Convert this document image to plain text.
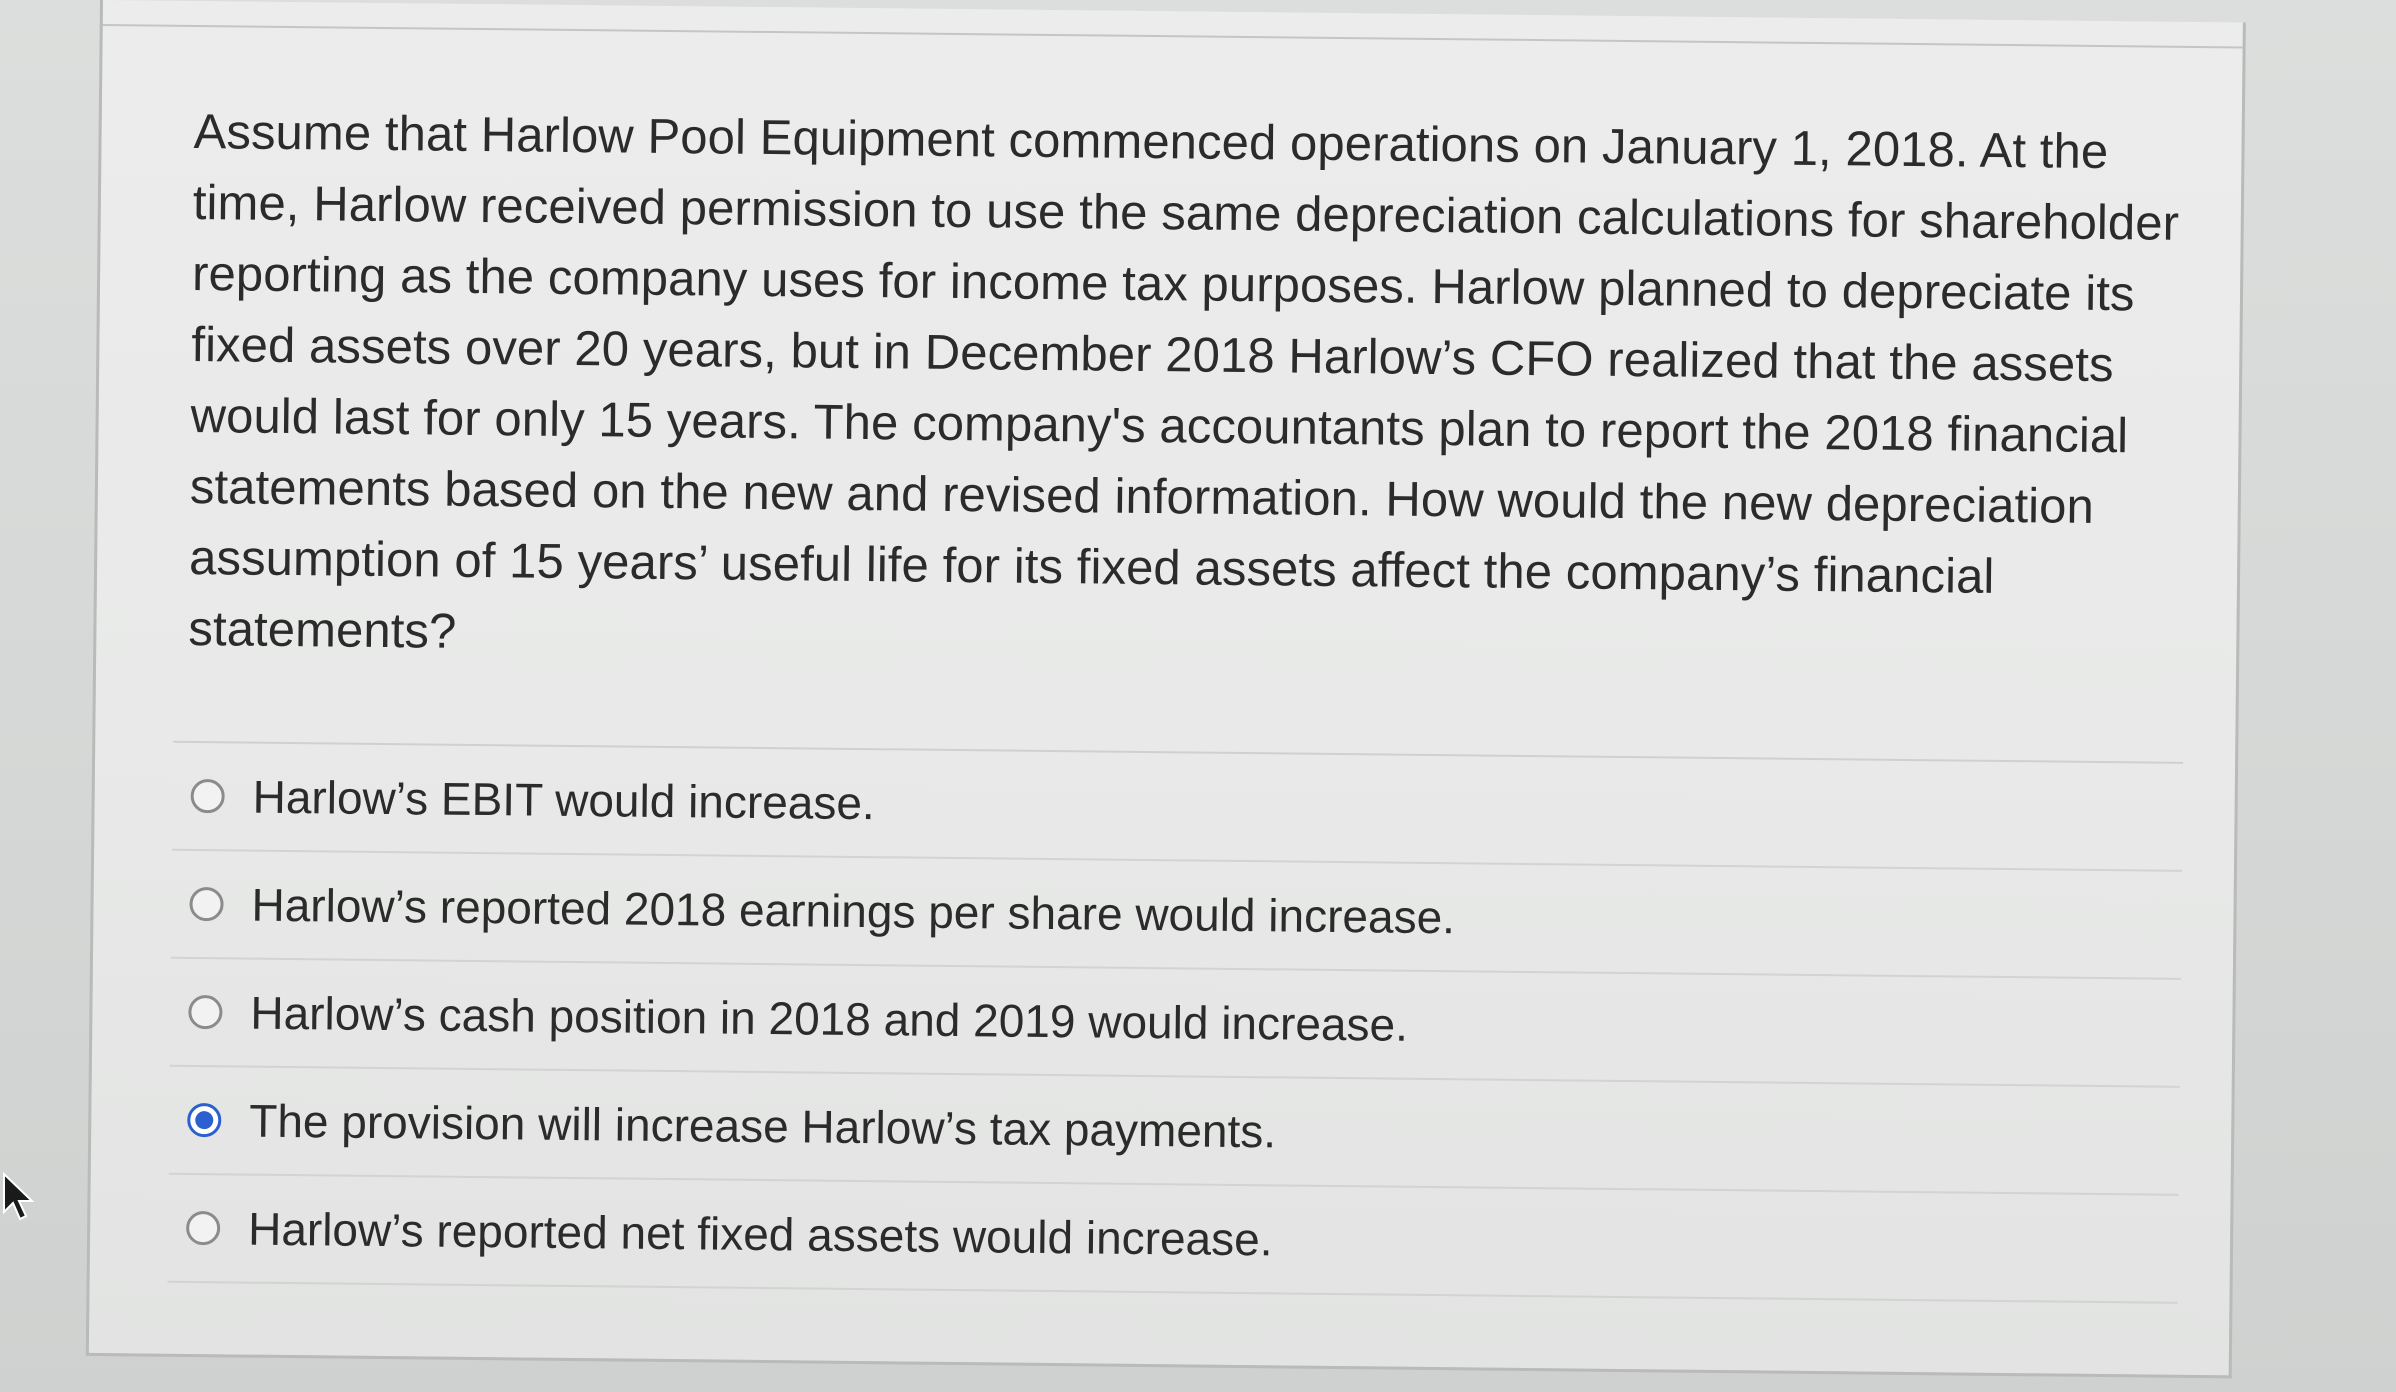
Assume that Harlow Pool Equipment commenced operations on January 1, 2018. At the time, Harlow received permission to use the same depreciation calculations for shareholder reporting as the company uses for income tax purposes. Harlow planned to depreciate its fixed assets over 20 years, but in December 2018 Harlow’s CFO realized that the assets would last for only 15 years. The company's accountants plan to report the 2018 financial statements based on the new and revised information. How would the new depreciation assumption of 15 years’ useful life for its fixed assets affect the company’s financial statements?

Harlow’s EBIT would increase.
Harlow’s reported 2018 earnings per share would increase.
Harlow’s cash position in 2018 and 2019 would increase.
The provision will increase Harlow’s tax payments.
Harlow’s reported net fixed assets would increase.
